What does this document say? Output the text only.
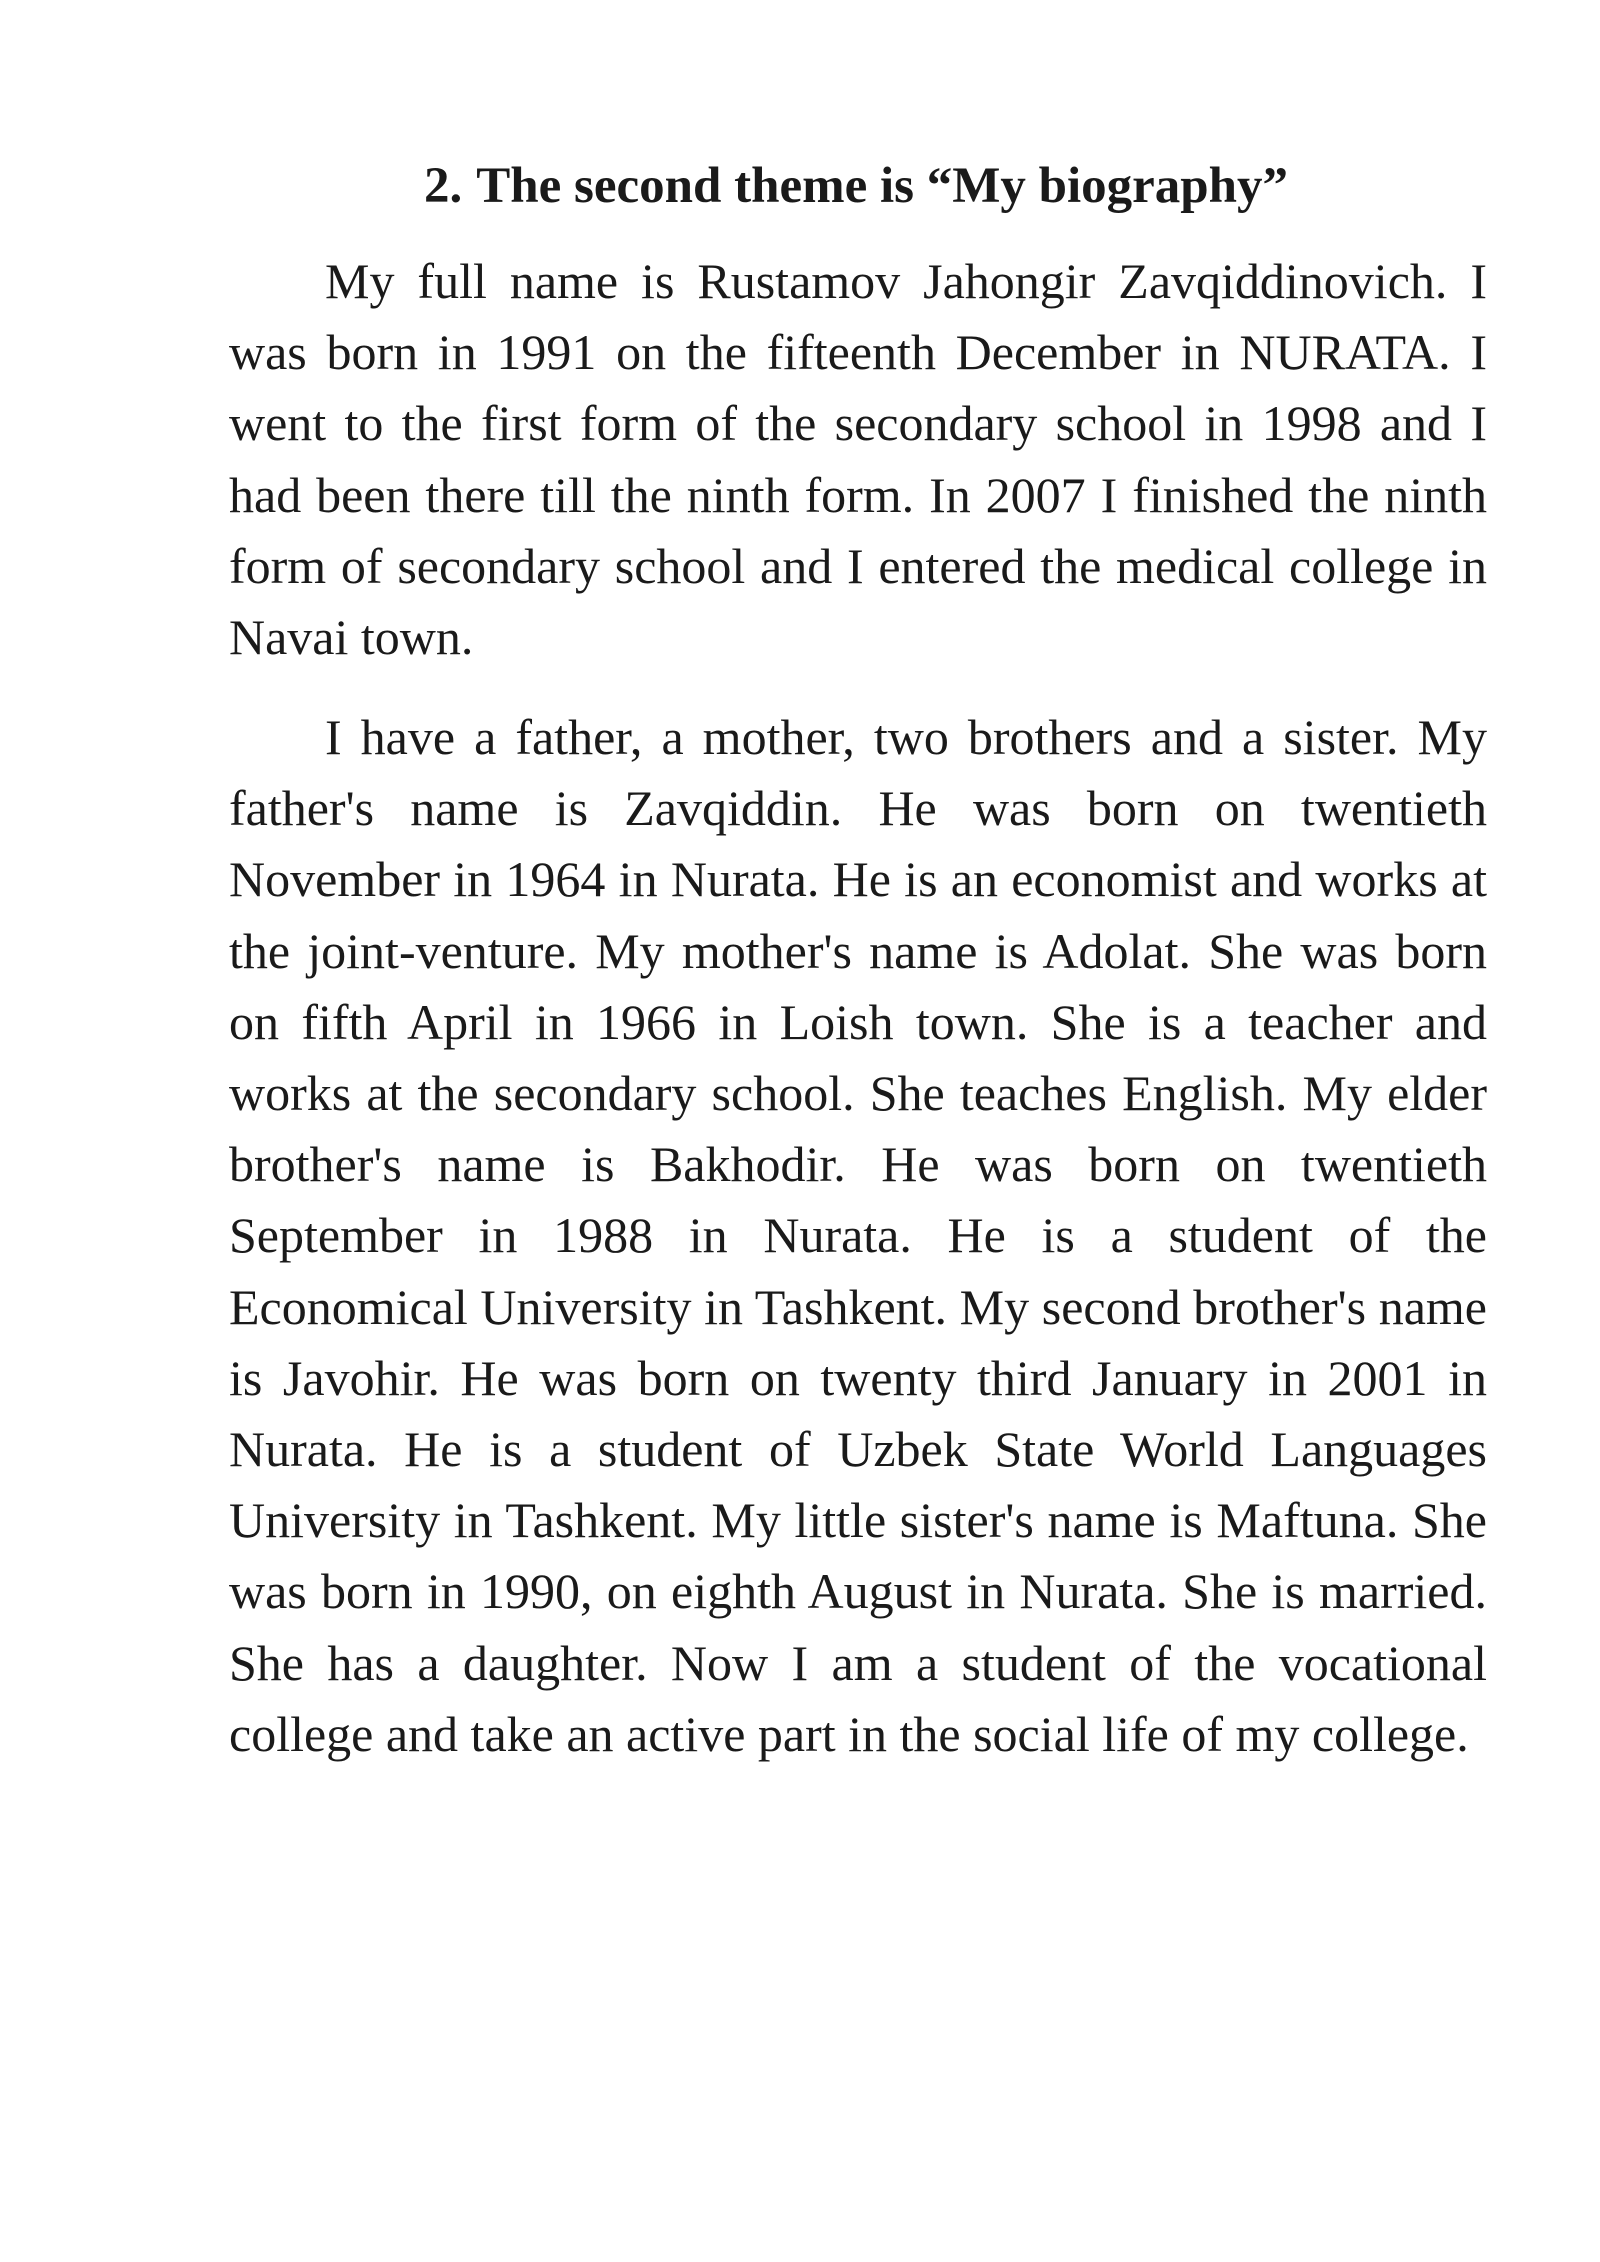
2. The second theme is “My biography”

My full name is Rustamov Jahongir Zavqiddinovich. I was born in 1991 on the fifteenth December in NURATA. I went to the first form of the secondary school in 1998 and I had been there till the ninth form. In 2007 I finished the ninth form of secondary school and I entered the medical college in Navai town.

I have a father, a mother, two brothers and a sister. My father's name is Zavqiddin. He was born on twentieth November in 1964 in Nurata. He is an economist and works at the joint-venture. My mother's name is Adolat. She was born on fifth April in 1966 in Loish town. She is a teacher and works at the secondary school. She teaches English. My elder brother's name is Bakhodir. He was born on twentieth September in 1988 in Nurata. He is a student of the Economical University in Tashkent. My second brother's name is Javohir. He was born on twenty third January in 2001 in Nurata. He is a student of Uzbek State World Languages University in Tashkent. My little sister's name is Maftuna. She was born in 1990, on eighth August in Nurata. She is married. She has a daughter. Now I am a student of the vocational college and take an active part in the social life of my college.
